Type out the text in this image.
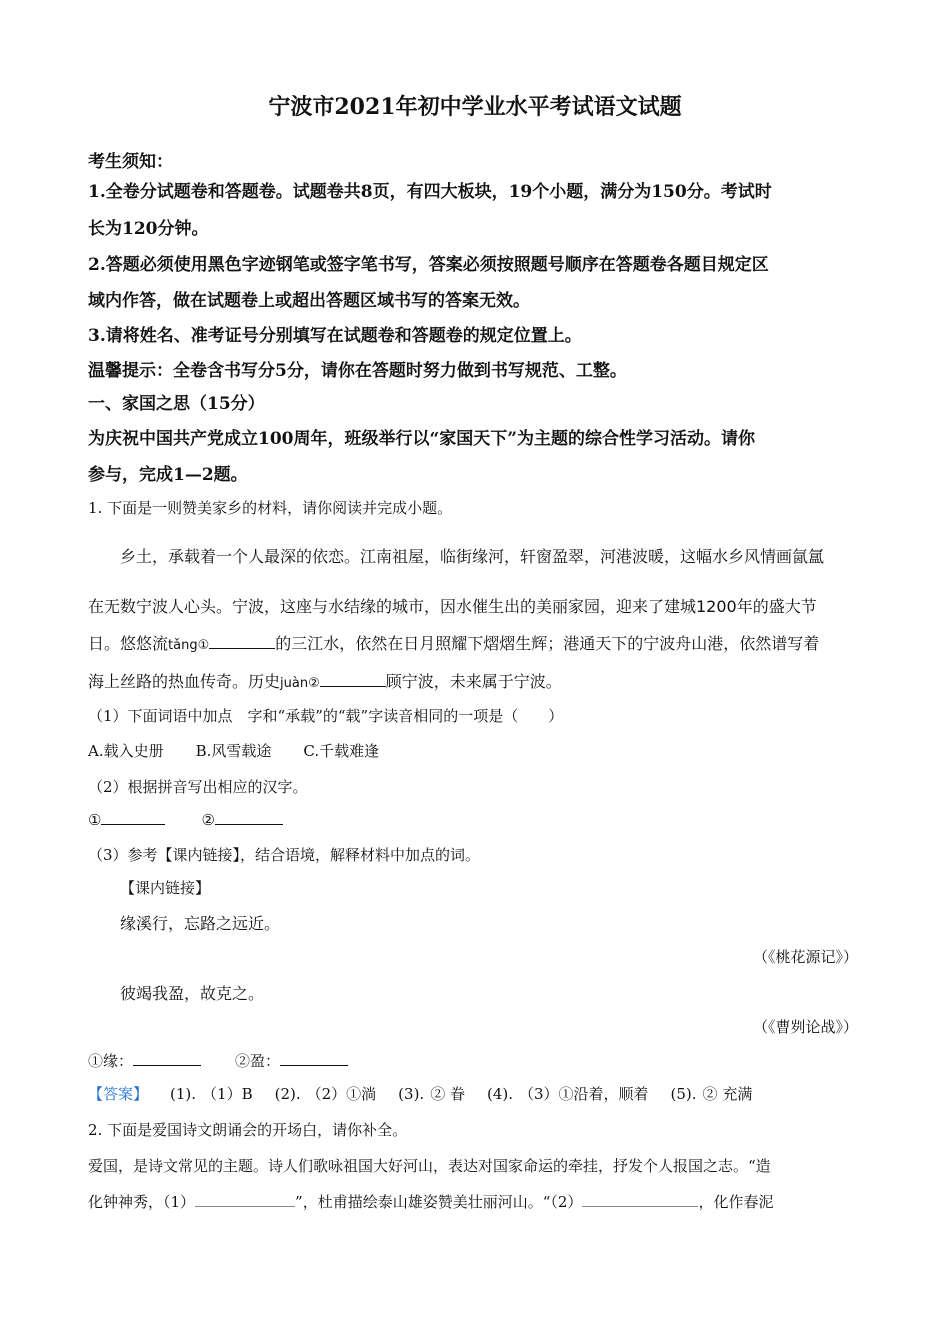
宁波市2021年初中学业水平考试语文试题
考生须知：
1.全卷分试题卷和答题卷。试题卷共8页，有四大板块，19个小题，满分为150分。考试时
长为120分钟。
2.答题必须使用黑色字迹钢笔或签字笔书写，答案必须按照题号顺序在答题卷各题目规定区
域内作答，做在试题卷上或超出答题区域书写的答案无效。
3.请将姓名、准考证号分别填写在试题卷和答题卷的规定位置上。
温馨提示：全卷含书写分5分，请你在答题时努力做到书写规范、工整。
一、家国之思（15分）
为庆祝中国共产党成立100周年，班级举行以“家国天下”为主题的综合性学习活动。请你
参与，完成1—2题。
1. 下面是一则赞美家乡的材料，请你阅读并完成小题。
乡土，承载着一个人最深的依恋。江南祖屋，临街缘河，轩窗盈翠，河港波暖，这幅水乡风情画氤氲
在无数宁波人心头。宁波，这座与水结缘的城市，因水催生出的美丽家园，迎来了建城1200年的盛大节
日。悠悠流tǎng①	的三江水，依然在日月照耀下熠熠生辉；港通天下的宁波舟山港，依然谱写着
海上丝路的热血传奇。历史juàn②	顾宁波，未来属于宁波。
（1）下面词语中加点　字和“承载”的“载”字读音相同的一项是（　　）
A.载入史册 B.风雪载途 C.千载难逢
（2）根据拼音写出相应的汉字。
①	②
（3）参考【课内链接】，结合语境，解释材料中加点的词。
【课内链接】
缘溪行，忘路之远近。
（《桃花源记》）
彼竭我盈，故克之。
（《曹刿论战》）
①缘：	②盈：
【答案】 (1). （1）B (2). （2）①淌 (3). ② 眷 (4). （3）①沿着，顺着 (5). ② 充满
2. 下面是爱国诗文朗诵会的开场白，请你补全。
爱国，是诗文常见的主题。诗人们歌咏祖国大好河山，表达对国家命运的牵挂，抒发个人报国之志。“造
化钟神秀，（1）	”，杜甫描绘泰山雄姿赞美壮丽河山。“（2）	，化作春泥
